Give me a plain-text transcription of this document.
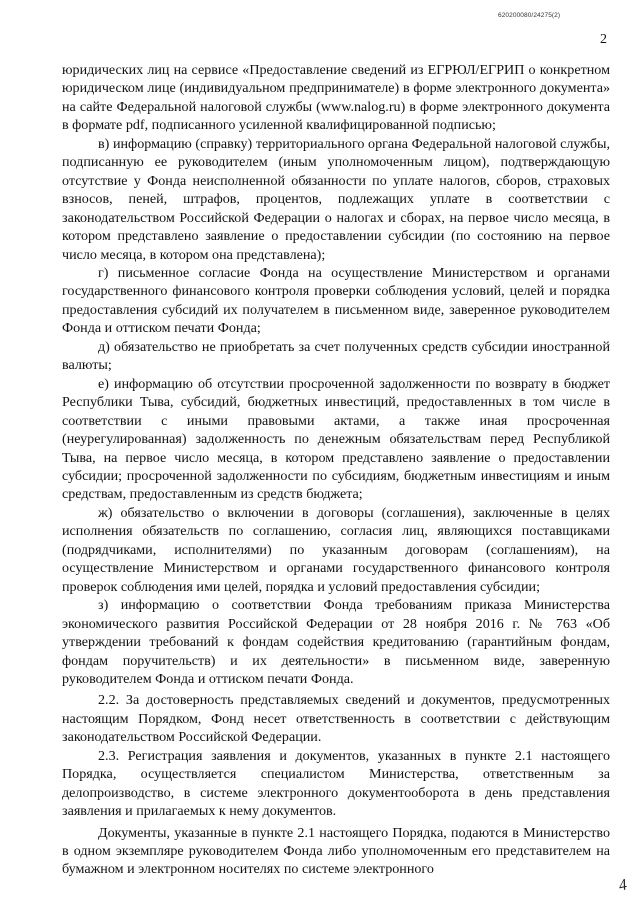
620200080/24275(2)
2

юридических лиц на сервисе «Предоставление сведений из ЕГРЮЛ/ЕГРИП о конкретном юридическом лице (индивидуальном предпринимателе) в форме электронного документа» на сайте Федеральной налоговой службы (www.nalog.ru) в форме электронного документа в формате pdf, подписанного усиленной квалифицированной подписью;

в) информацию (справку) территориального органа Федеральной налоговой службы, подписанную ее руководителем (иным уполномоченным лицом), подтверждающую отсутствие у Фонда неисполненной обязанности по уплате налогов, сборов, страховых взносов, пеней, штрафов, процентов, подлежащих уплате в соответствии с законодательством Российской Федерации о налогах и сборах, на первое число месяца, в котором представлено заявление о предоставлении субсидии (по состоянию на первое число месяца, в котором она представлена);

г) письменное согласие Фонда на осуществление Министерством и органами государственного финансового контроля проверки соблюдения условий, целей и порядка предоставления субсидий их получателем в письменном виде, заверенное руководителем Фонда и оттиском печати Фонда;

д) обязательство не приобретать за счет полученных средств субсидии иностранной валюты;

е) информацию об отсутствии просроченной задолженности по возврату в бюджет Республики Тыва, субсидий, бюджетных инвестиций, предоставленных в том числе в соответствии с иными правовыми актами, а также иная просроченная (неурегулированная) задолженность по денежным обязательствам перед Республикой Тыва, на первое число месяца, в котором представлено заявление о предоставлении субсидии; просроченной задолженности по субсидиям, бюджетным инвестициям и иным средствам, предоставленным из средств бюджета;

ж) обязательство о включении в договоры (соглашения), заключенные в целях исполнения обязательств по соглашению, согласия лиц, являющихся поставщиками (подрядчиками, исполнителями) по указанным договорам (соглашениям), на осуществление Министерством и органами государственного финансового контроля проверок соблюдения ими целей, порядка и условий предоставления субсидии;

з) информацию о соответствии Фонда требованиям приказа Министерства экономического развития Российской Федерации от 28 ноября 2016 г. № 763 «Об утверждении требований к фондам содействия кредитованию (гарантийным фондам, фондам поручительств) и их деятельности» в письменном виде, заверенную руководителем Фонда и оттиском печати Фонда.

2.2. За достоверность представляемых сведений и документов, предусмотренных настоящим Порядком, Фонд несет ответственность в соответствии с действующим законодательством Российской Федерации.

2.3. Регистрация заявления и документов, указанных в пункте 2.1 настоящего Порядка, осуществляется специалистом Министерства, ответственным за делопроизводство, в системе электронного документооборота в день представления заявления и прилагаемых к нему документов.

Документы, указанные в пункте 2.1 настоящего Порядка, подаются в Министерство в одном экземпляре руководителем Фонда либо уполномоченным его представителем на бумажном и электронном носителях по системе электронного

4
